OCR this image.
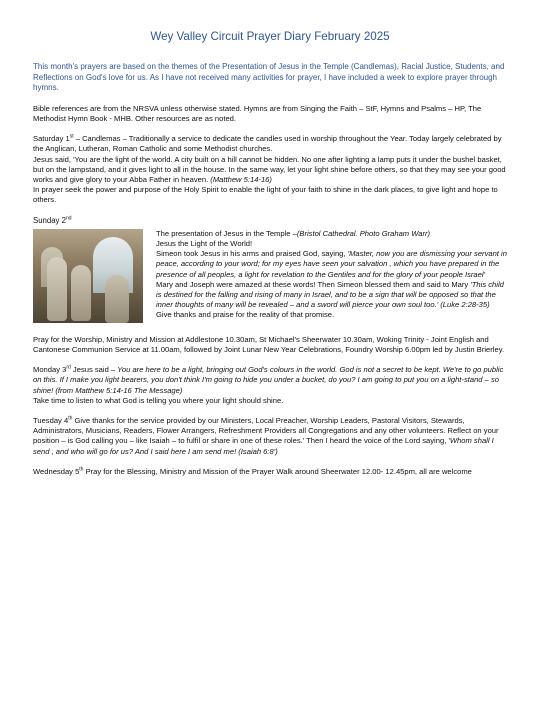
Wey Valley Circuit Prayer Diary February 2025

This month's prayers are based on the themes of the Presentation of Jesus in the Temple (Candlemas), Racial Justice, Students, and Reflections on God's love for us. As I have not received many activities for prayer, I have included a week to explore prayer through hymns.

Bible references are from the NRSVA unless otherwise stated. Hymns are from Singing the Faith – StF, Hymns and Psalms – HP, The Methodist Hymn Book - MHB. Other resources are as noted.

Saturday 1st – Candlemas – Traditionally a service to dedicate the candles used in worship throughout the Year. Today largely celebrated by the Anglican, Lutheran, Roman Catholic and some Methodist churches.

Jesus said, 'You are the light of the world. A city built on a hill cannot be hidden. No one after lighting a lamp puts it under the bushel basket, but on the lampstand, and it gives light to all in the house. In the same way, let your light shine before others, so that they may see your good works and give glory to your Abba Father in heaven. (Matthew 5:14-16)

In prayer seek the power and purpose of the Holy Spirit to enable the light of your faith to shine in the dark places, to give light and hope to others.

Sunday 2nd

The presentation of Jesus in the Temple –(Bristol Cathedral. Photo Graham Warr)

Jesus the Light of the World!

Simeon took Jesus in his arms and praised God, saying, 'Master, now you are dismissing your servant in peace, according to your word; for my eyes have seen your salvation , which you have prepared in the presence of all peoples, a light for revelation to the Gentiles and for the glory of your people Israel'

Mary and Joseph were amazed at these words! Then Simeon blessed them and said to Mary 'This child is destined for the falling and rising of many in Israel, and to be a sign that will be opposed so that the inner thoughts of many will be revealed – and a sword will pierce your own soul too.' (Luke 2:28-35)

Give thanks and praise for the reality of that promise.

Pray for the Worship, Ministry and Mission at Addlestone 10.30am, St Michael's Sheerwater 10.30am, Woking Trinity - Joint English and Cantonese Communion Service at 11.00am, followed by Joint Lunar New Year Celebrations, Foundry Worship 6.00pm led by Justin Brierley.

Monday 3rd Jesus said – You are here to be a light, bringing out God's colours in the world. God is not a secret to be kept. We're to go public on this. If I make you light bearers, you don't think I'm going to hide you under a bucket, do you? I am going to put you on a light-stand – so shine! (from Matthew 5:14-16 The Message)

Take time to listen to what God is telling you where your light should shine.

Tuesday 4th Give thanks for the service provided by our Ministers, Local Preacher, Worship Leaders, Pastoral Visitors, Stewards, Administrators, Musicians, Readers, Flower Arrangers, Refreshment Providers all Congregations and any other volunteers. Reflect on your position – is God calling you – like Isaiah – to fulfil or share in one of these roles.' Then I heard the voice of the Lord saying, 'Whom shall I send , and who will go for us? And I said here I am send me! (Isaiah 6:8')

Wednesday 5th Pray for the Blessing, Ministry and Mission of the Prayer Walk around Sheerwater 12.00- 12.45pm, all are welcome
